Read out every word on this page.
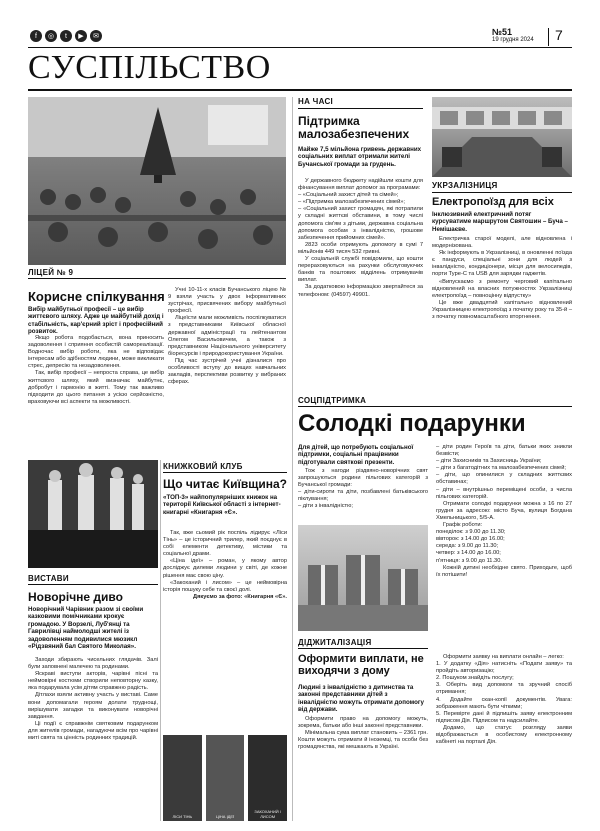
f	◎	t	▶	✉	№51
19 грудня 2024 7
СУСПІЛЬСТВО
ЛІЦЕЙ № 9
Корисне спілкування
Вибір майбутньої професії – це вибір життєвого шляху. Адже це майбутній дохід і стабільність, кар'єрний зріст і професійний розвиток.

Якщо робота подобається, вона приносить задоволення і сприяння особистій самореалізації. Водночас вибір роботи, яка не відповідає інтересам або здібностям людини, може викликати стрес, депресію та незадоволення.

Так, вибір професії – непроста справа, це вибір життєвого шляху, який визначає майбутнє, добробут і гармонію в житті. Тому так важливо підходити до цього питання з усією серйозністю, враховуючи всі аспекти та можливості.

Учні 10-11-х класів Бучанського ліцею № 9 взяли участь у двох інформативних зустрічах, присвячених вибору майбутньої професії.

Ліцеїсти мали можливість поспілкуватися з представниками Київської обласної державної адміністрації та лейтенантом Олегом Васильовичем, а також з представником Національного університету біоресурсів і природокористування України.

Під час зустрічей учні дізналися про особливості вступу до вищих навчальних закладів, перспективи розвитку у вибраних сферах.

НА ЧАСІ
Підтримка малозабезпечених
Майже 7,5 мільйона гривень державних соціальних виплат отримали жителі Бучанської громади за грудень.

У державного бюджету надійшли кошти для фінансування виплат допомог за програмами:

– «Соціальний захист дітей та сімей»;
– «Підтримка малозабезпечених сімей»;
– «Соціальний захист громадян, які потрапили у складні життєві обставини, в тому числі допомога сім'ям з дітьми, державна соціальна допомога особам з інвалідністю, грошове забезпечення прийомних сімей».

2823 особи отримують допомогу в сумі 7 мільйонів 449 тисяч 532 гривні.

У соціальній службі повідомили, що кошти перераховуються на рахунки обслуговуючих банків та поштових відділень отримувачів виплат.

За додатковою інформацією звертайтеся за телефоном: (04597) 49901.

УКРЗАЛІЗНИЦЯ
Електропоїзд для всіх
Інклюзивний електричний потяг курсуватиме маршрутом Святошин – Буча – Немішаєве.

Електричка старої моделі, але відновлена і модернізована.

Як інформують в Укрзалізниці, в оновленні поїзда є пандуси, спеціальні зони для людей з інвалідністю, кондиціонери, місця для велосипедів, порти Type-C та USB для зарядки гаджетів.

«Випускаємо з ремонту черговий капітально відновлений на власних потужностях Укрзалізниці електропоїзд – повноцінну відпустку»

Це вже двадцятий капітально відновлений Укрзалізницею електропоїзд з початку року та 35-й – з початку повномасштабного вторгнення.

ВИСТАВИ
Новорічне диво
Новорічний Чарівник разом зі своїми казковими помічниками крокує громадою. У Ворзелі, Луб'янці та Гаврилівці наймолодші жителі із задоволенням подивилися мюзикл «Рідзвяний бал Святого Миколая».

Заходи збирають чисельних глядачів. Залі були заповнені малечею та родинами.

Яскраві виступи акторів, чарівні пісні та неймовірні костюми створили неповторну казку, яка подарувала усім дітям справжню радість.

Дітлахи взяли активну участь у виставі. Саме вони допомагали героям долати труднощі, вирішувати загадки та виконувати новорічні завдання.

Ці події є справжнім святковим подарунком для жителів громади, нагадуючи всім про чарівні миті свята та цінність родинних традицій.

КНИЖКОВИЙ КЛУБ
Що читає Київщина?
«ТОП-3» найпопулярніших книжок на території Київської області з інтернет-книгарні «Книгарня «Є».

Так, вже сьомий рік поспіль лідирує «Ліси Тінь» – це історичний трилер, який поєднує в собі елементи детективу, містики та соціальної драми.

«Ціна ідеї» – роман, у якому автор досліджує дилеми людини у світі, де кожне рішення має свою ціну.

«Закоханий і лисом» – це неймовірна історія пошуку себе та своєї долі.

Дякуємо за фото: «Книгарня «Є».

ЛІСИ ТІНЬ	ЦІНА ІДЕЇ
ЗАКОХАНИЙ І ЛИСОМ
СОЦПІДТРИМКА
Солодкі подарунки
Для дітей, що потребують соціальної підтримки, соціальні працівники підготували святкові презенти.

Тож з нагоди різдвяно-новорічних свят запрошуються родини пільгових категорій з Бучанської громади:

– діти-сироти та діти, позбавлені батьківського піклування;
– діти з інвалідністю;
– діти родин Героїв та діти, батьки яких зникли безвісти;
– діти Захисників та Захисниць України;
– діти з багатодітних та малозабезпечених сімей;
– діти, що опинилися у складних життєвих обставинах;
– діти – внутрішньо переміщені особи, з числа пільгових категорій.

Отримати солодкі подарунки можна з 16 по 27 грудня за адресою: місто Буча, вулиця Богдана Хмельницького, 5/5-А.

Графік роботи:

понеділок: з 9.00 до 11.30;
вівторок: з 14.00 до 16.00;
середа: з 9.00 до 11.30;
четвер: з 14.00 до 16.00;
п'ятниця: з 9.00 до 11.30.

Кожній дитині необхідне свято. Приходьте, щоб їх потішити!

ДІДЖИТАЛІЗАЦІЯ
Оформити виплати, не виходячи з дому
Людині з інвалідністю з дитинства та законні представники дітей з інвалідністю можуть отримати допомогу від держави.

Оформити право на допомогу можуть, зокрема, батьки або інші законні представники.

Мінімальна сума виплат становить – 2361 грн. Кошти можуть отримати й іноземці, та особи без громадянства, які мешкають в Україні.

Оформити заявку на виплати онлайн – легко:

1. У додатку «Дія» натисніть «Подати заяву» та пройдіть авторизацію;
2. Пошуком знайдіть послугу;
3. Оберіть вид допомоги та зручний спосіб отримання;
4. Додайте скан-копії документів. Увага: зображення мають бути чіткими;
5. Перевірте дані й підпишіть заяву електронним підписом Дія. Підписом та надсилайте.

Додамо, що статус розгляду заяви відображається в особистому електронному кабінеті на порталі Дія.
